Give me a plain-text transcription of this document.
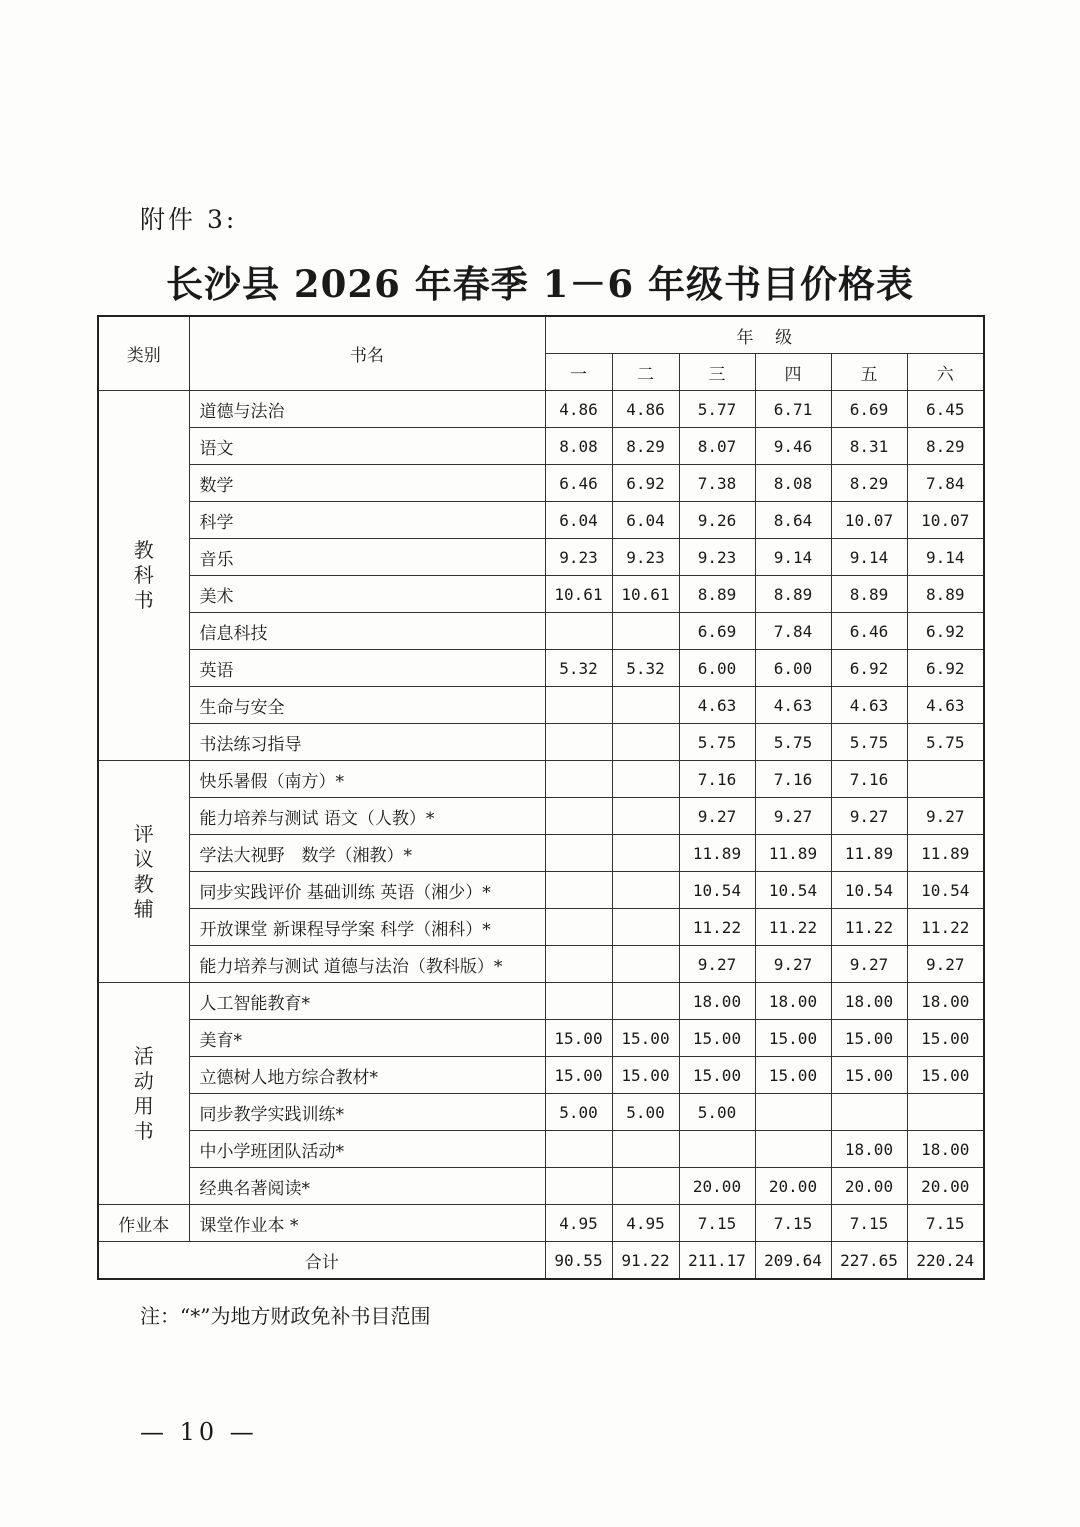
附件 3:
长沙县 2026 年春季 1－6 年级书目价格表
类别	书名	年    级					
		一	二	三	四	五	六
教科书	道德与法治	4.86	4.86	5.77	6.71	6.69	6.45
	语文	8.08	8.29	8.07	9.46	8.31	8.29
	数学	6.46	6.92	7.38	8.08	8.29	7.84
	科学	6.04	6.04	9.26	8.64	10.07	10.07
	音乐	9.23	9.23	9.23	9.14	9.14	9.14
	美术	10.61	10.61	8.89	8.89	8.89	8.89
	信息科技			6.69	7.84	6.46	6.92
	英语	5.32	5.32	6.00	6.00	6.92	6.92
	生命与安全			4.63	4.63	4.63	4.63
	书法练习指导			5.75	5.75	5.75	5.75
评议教辅	快乐暑假（南方）*			7.16	7.16	7.16	
	能力培养与测试 语文（人教）*			9.27	9.27	9.27	9.27
	学法大视野　数学（湘教）*			11.89	11.89	11.89	11.89
	同步实践评价 基础训练 英语（湘少）*			10.54	10.54	10.54	10.54
	开放课堂 新课程导学案 科学（湘科）*			11.22	11.22	11.22	11.22
	能力培养与测试 道德与法治（教科版）*			9.27	9.27	9.27	9.27
活动用书	人工智能教育*			18.00	18.00	18.00	18.00
	美育*	15.00	15.00	15.00	15.00	15.00	15.00
	立德树人地方综合教材*	15.00	15.00	15.00	15.00	15.00	15.00
	同步教学实践训练*	5.00	5.00	5.00			
	中小学班团队活动*					18.00	18.00
	经典名著阅读*			20.00	20.00	20.00	20.00
作业本	课堂作业本 *	4.95	4.95	7.15	7.15	7.15	7.15
合计		90.55	91.22	211.17	209.64	227.65	220.24
注：“*”为地方财政免补书目范围
— 10 —
